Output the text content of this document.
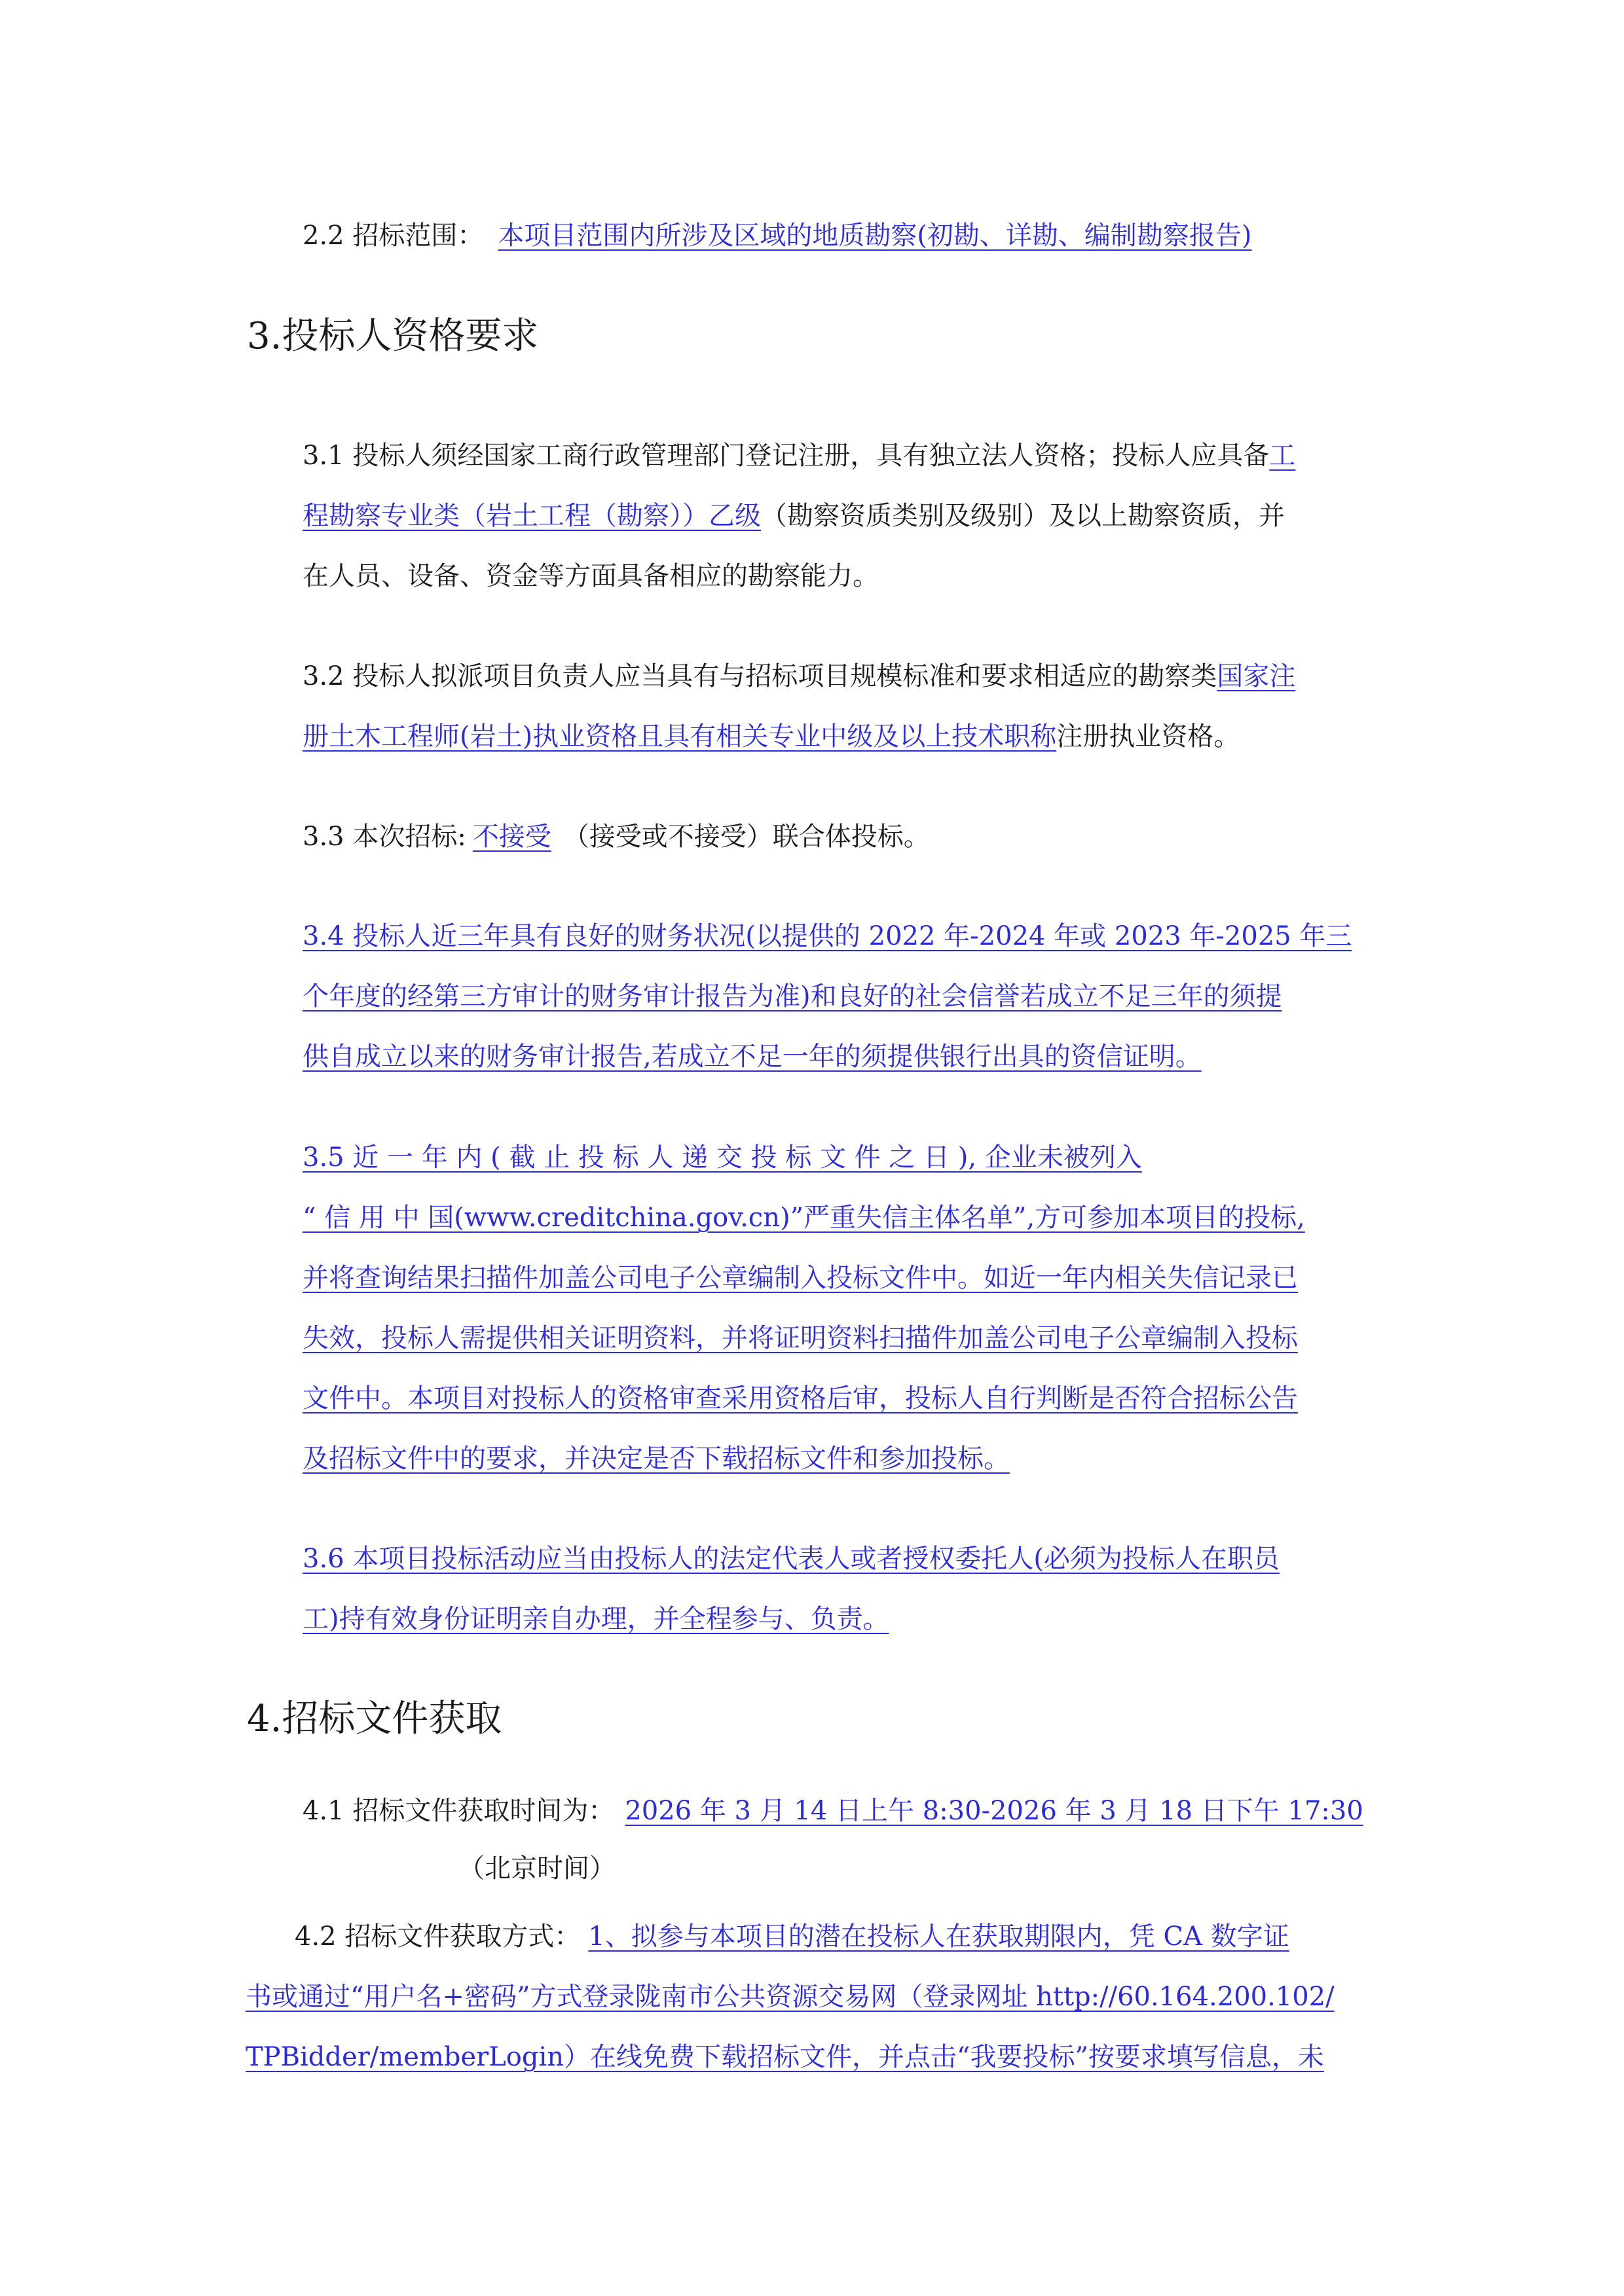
2.2 招标范围： 本项目范围内所涉及区域的地质勘察(初勘、详勘、编制勘察报告)
3.投标人资格要求
3.1 投标人须经国家工商行政管理部门登记注册，具有独立法人资格；投标人应具备工
程勘察专业类（岩土工程（勘察））乙级（勘察资质类别及级别）及以上勘察资质，并
在人员、设备、资金等方面具备相应的勘察能力。
3.2 投标人拟派项目负责人应当具有与招标项目规模标准和要求相适应的勘察类国家注
册土木工程师(岩土)执业资格且具有相关专业中级及以上技术职称注册执业资格。
3.3 本次招标: 不接受 （接受或不接受）联合体投标。
3.4 投标人近三年具有良好的财务状况(以提供的 2022 年-2024 年或 2023 年-2025 年三
个年度的经第三方审计的财务审计报告为准)和良好的社会信誉若成立不足三年的须提
供自成立以来的财务审计报告,若成立不足一年的须提供银行出具的资信证明。
3.5 近 一 年 内 ( 截 止 投 标 人 递 交 投 标 文 件 之 日 ), 企业未被列入
“ 信 用 中 国(www.creditchina.gov.cn)”严重失信主体名单”,方可参加本项目的投标,
并将查询结果扫描件加盖公司电子公章编制入投标文件中。如近一年内相关失信记录已
失效，投标人需提供相关证明资料，并将证明资料扫描件加盖公司电子公章编制入投标
文件中。本项目对投标人的资格审查采用资格后审，投标人自行判断是否符合招标公告
及招标文件中的要求，并决定是否下载招标文件和参加投标。
3.6 本项目投标活动应当由投标人的法定代表人或者授权委托人(必须为投标人在职员
工)持有效身份证明亲自办理，并全程参与、负责。
4.招标文件获取
4.1 招标文件获取时间为： 2026 年 3 月 14 日上午 8:30-2026 年 3 月 18 日下午 17:30
（北京时间）
4.2 招标文件获取方式： 1、拟参与本项目的潜在投标人在获取期限内，凭 CA 数字证
书或通过“用户名+密码”方式登录陇南市公共资源交易网（登录网址 http://60.164.200.102/
TPBidder/memberLogin）在线免费下载招标文件，并点击“我要投标”按要求填写信息，未
